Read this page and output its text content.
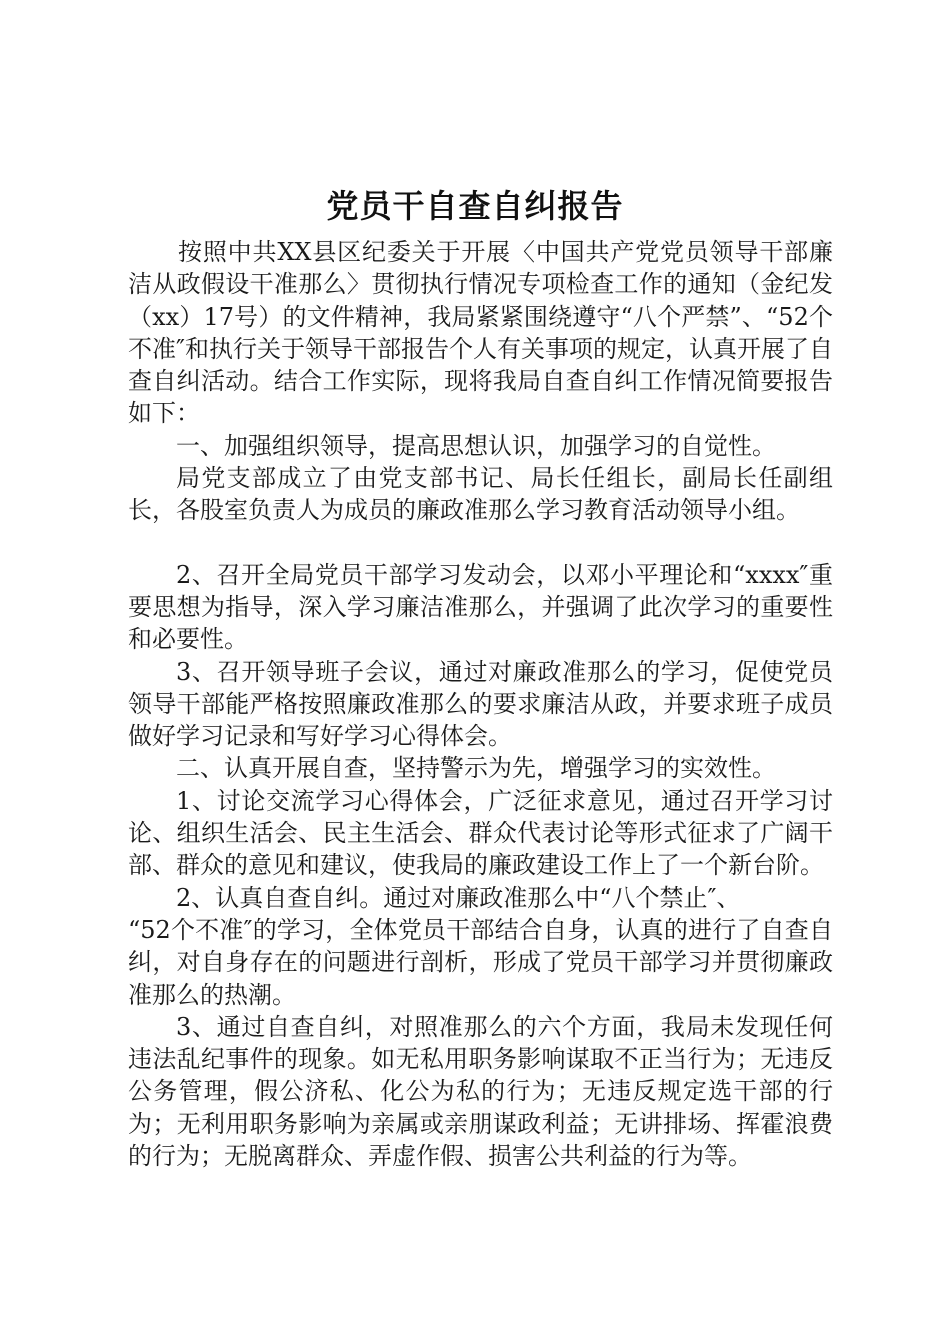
党员干自查自纠报告

按照中共XX县区纪委关于开展〈中国共产党党员领导干部廉洁从政假设干准那么〉贯彻执行情况专项检查工作的通知（金纪发（xx）17号）的文件精神，我局紧紧围绕遵守“八个严禁”、“52个不准″和执行关于领导干部报告个人有关事项的规定，认真开展了自查自纠活动。结合工作实际，现将我局自查自纠工作情况简要报告如下：

一、加强组织领导，提高思想认识，加强学习的自觉性。

局党支部成立了由党支部书记、局长任组长，副局长任副组长，各股室负责人为成员的廉政准那么学习教育活动领导小组。

2、召开全局党员干部学习发动会，以邓小平理论和“xxxx″重要思想为指导，深入学习廉洁准那么，并强调了此次学习的重要性和必要性。

3、召开领导班子会议，通过对廉政准那么的学习，促使党员领导干部能严格按照廉政准那么的要求廉洁从政，并要求班子成员做好学习记录和写好学习心得体会。

二、认真开展自查，坚持警示为先，增强学习的实效性。

1、讨论交流学习心得体会，广泛征求意见，通过召开学习讨论、组织生活会、民主生活会、群众代表讨论等形式征求了广阔干部、群众的意见和建议，使我局的廉政建设工作上了一个新台阶。

2、认真自查自纠。通过对廉政准那么中“八个禁止″、

“52个不准″的学习，全体党员干部结合自身，认真的进行了自查自纠，对自身存在的问题进行剖析，形成了党员干部学习并贯彻廉政准那么的热潮。

3、通过自查自纠，对照准那么的六个方面，我局未发现任何违法乱纪事件的现象。如无私用职务影响谋取不正当行为；无违反公务管理，假公济私、化公为私的行为；无违反规定选干部的行为；无利用职务影响为亲属或亲朋谋政利益；无讲排场、挥霍浪费的行为；无脱离群众、弄虚作假、损害公共利益的行为等。
